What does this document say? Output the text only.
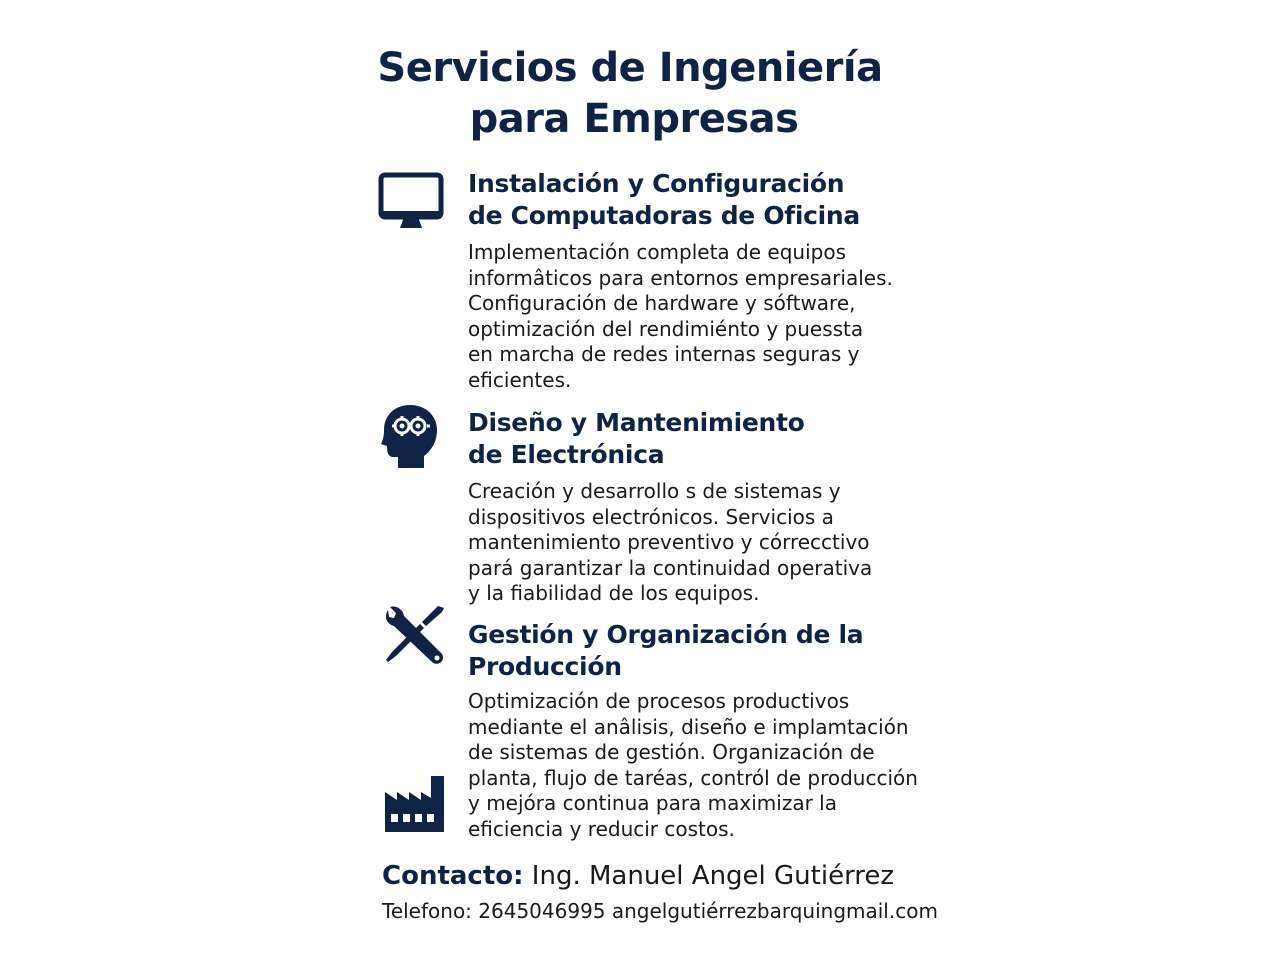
Servicios de Ingeniería
para Empresas
Instalación y Configuración
de Computadoras de Oficina
Implementación completa de equipos
informâticos para entornos empresariales.
Configuración de hardware y sóftware,
optimización del rendimiénto y puessta
en marcha de redes internas seguras y
eficientes.
Diseño y Mantenimiento
de Electrónica
Creación y desarrollo s de sistemas y
dispositivos electrónicos. Servicios a
mantenimiento preventivo y córrecctivo
pará garantizar la continuidad operativa
y la fiabilidad de los equipos.
Gestión y Organización de la
Producción
Optimización de procesos productivos
mediante el anâlisis, diseño e implamtación
de sistemas de gestión. Organización de
planta, flujo de taréas, contról de producción
y mejóra continua para maximizar la
eficiencia y reducir costos.
Contacto: Ing. Manuel Angel Gutiérrez
Telefono: 2645046995 angelgutiérrezbarquingmail.com
